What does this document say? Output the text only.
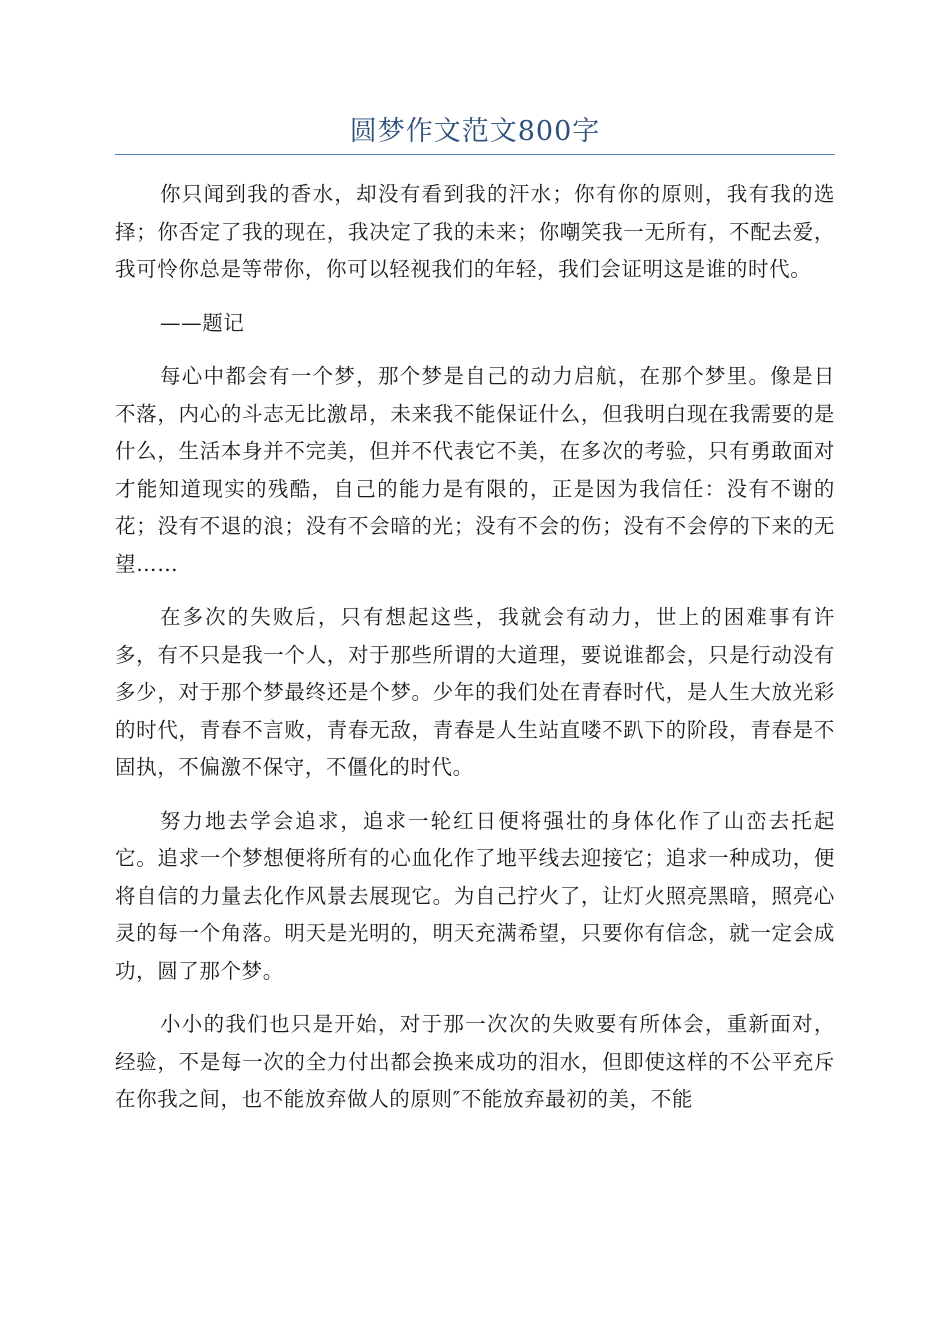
圆梦作文范文800字

你只闻到我的香水，却没有看到我的汗水；你有你的原则，我有我的选择；你否定了我的现在，我决定了我的未来；你嘲笑我一无所有，不配去爱，我可怜你总是等带你，你可以轻视我们的年轻，我们会证明这是谁的时代。

——题记

每心中都会有一个梦，那个梦是自己的动力启航，在那个梦里。像是日不落，内心的斗志无比激昂，未来我不能保证什么，但我明白现在我需要的是什么，生活本身并不完美，但并不代表它不美，在多次的考验，只有勇敢面对才能知道现实的残酷，自己的能力是有限的，正是因为我信任：没有不谢的花；没有不退的浪；没有不会暗的光；没有不会的伤；没有不会停的下来的无望……

在多次的失败后，只有想起这些，我就会有动力，世上的困难事有许多，有不只是我一个人，对于那些所谓的大道理，要说谁都会，只是行动没有多少，对于那个梦最终还是个梦。少年的我们处在青春时代，是人生大放光彩的时代，青春不言败，青春无敌，青春是人生站直喽不趴下的阶段，青春是不固执，不偏激不保守，不僵化的时代。

努力地去学会追求，追求一轮红日便将强壮的身体化作了山峦去托起它。追求一个梦想便将所有的心血化作了地平线去迎接它；追求一种成功，便将自信的力量去化作风景去展现它。为自己拧火了，让灯火照亮黑暗，照亮心灵的每一个角落。明天是光明的，明天充满希望，只要你有信念，就一定会成功，圆了那个梦。

小小的我们也只是开始，对于那一次次的失败要有所体会，重新面对，经验，不是每一次的全力付出都会换来成功的泪水，但即使这样的不公平充斥在你我之间，也不能放弃做人的原则″不能放弃最初的美，不能
